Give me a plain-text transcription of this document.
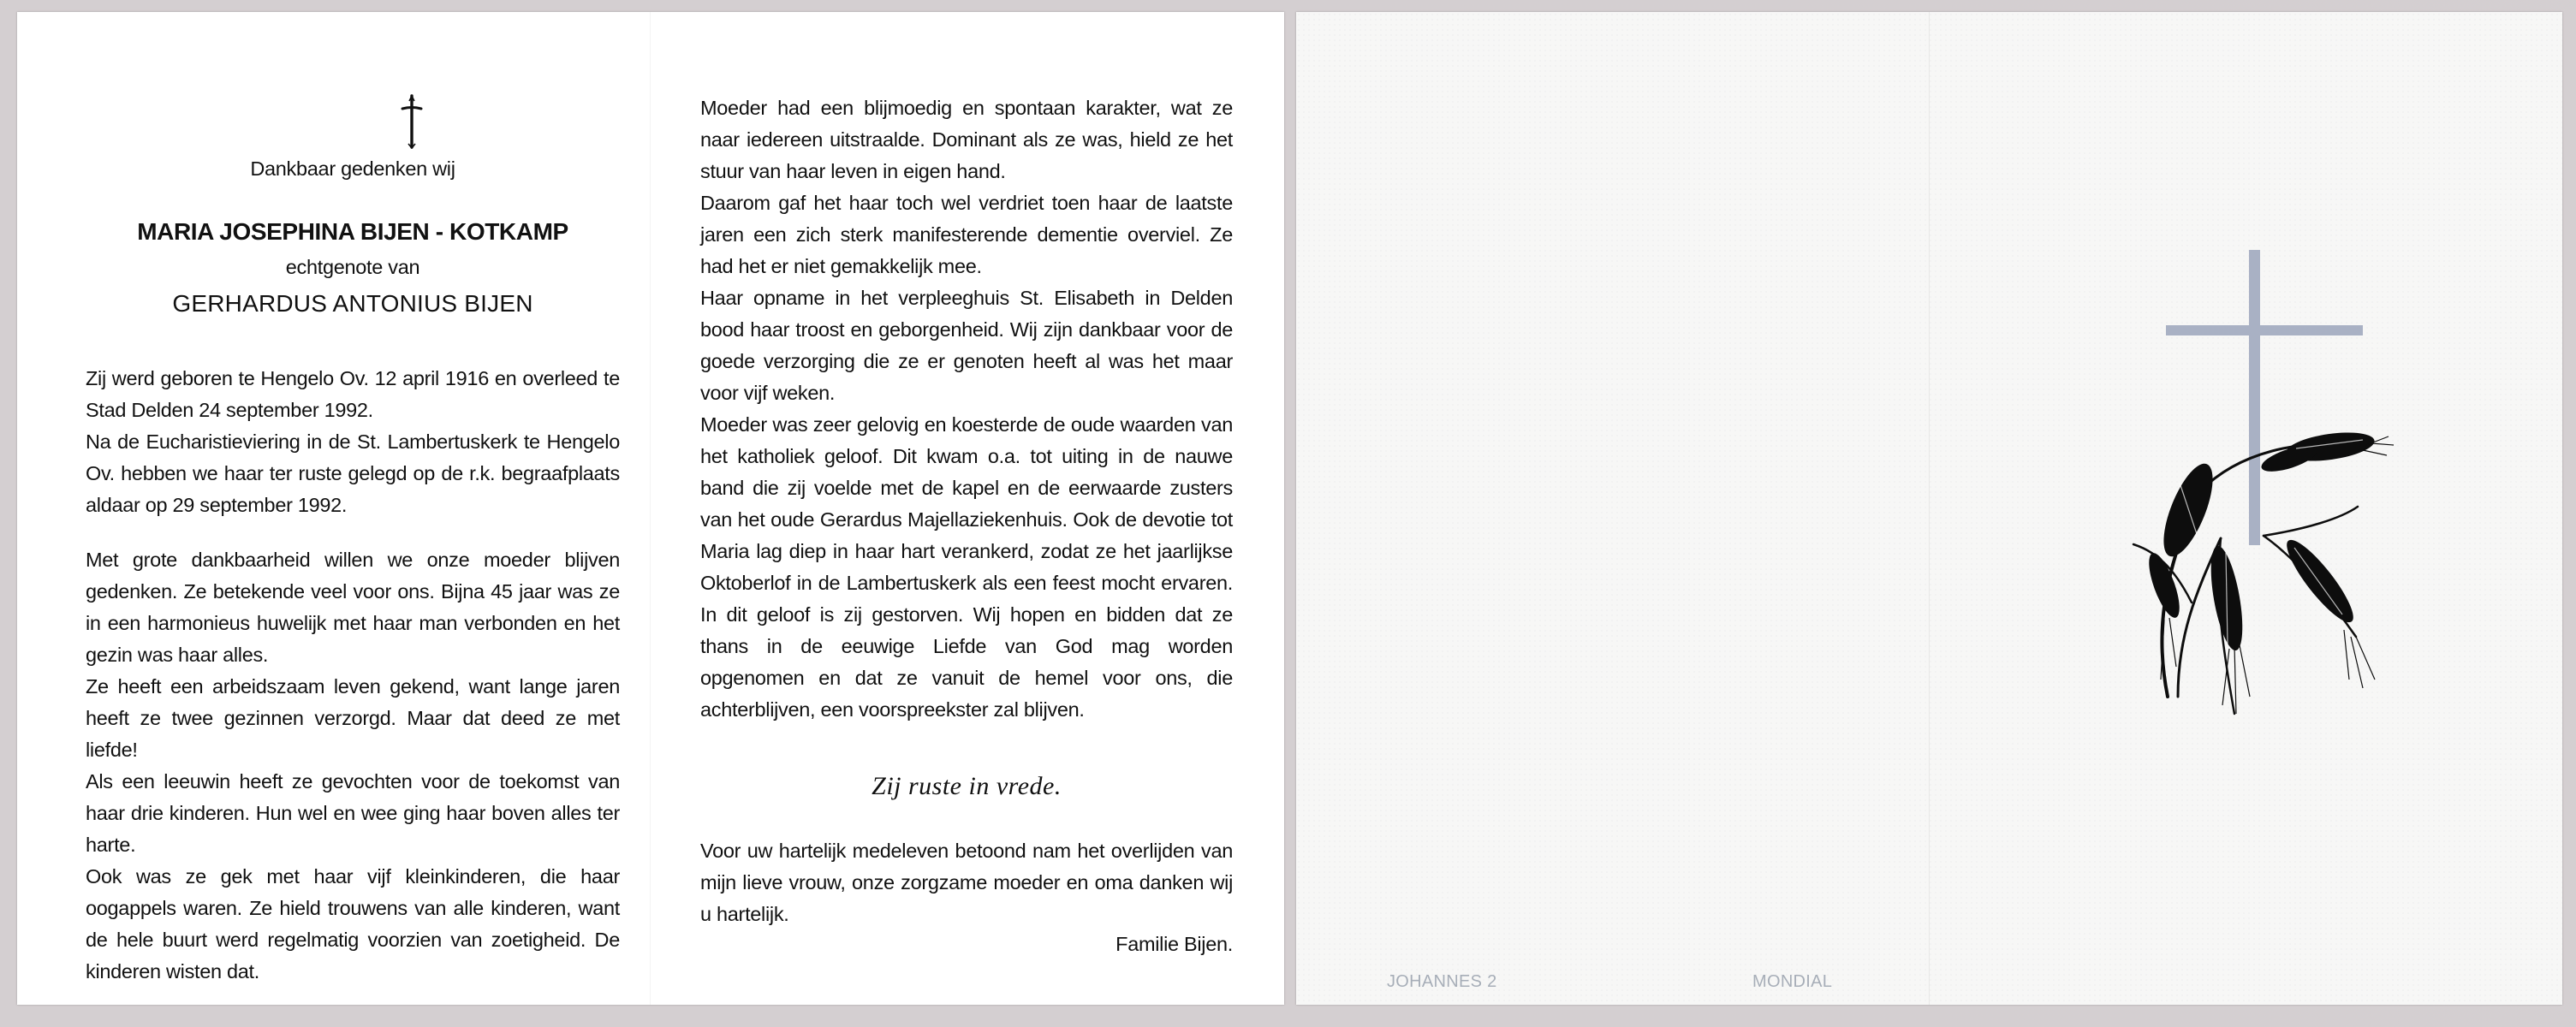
Dankbaar gedenken wij

MARIA JOSEPHINA BIJEN - KOTKAMP

echtgenote van

GERHARDUS ANTONIUS BIJEN

Zij werd geboren te Hengelo Ov. 12 april 1916 en overleed te Stad Delden 24 september 1992.

Na de Eucharistieviering in de St. Lambertuskerk te Hengelo Ov. hebben we haar ter ruste gelegd op de r.k. begraafplaats aldaar op 29 september 1992.

Met grote dankbaarheid willen we onze moeder blijven gedenken. Ze betekende veel voor ons. Bijna 45 jaar was ze in een harmonieus huwelijk met haar man verbonden en het gezin was haar alles.

Ze heeft een arbeidszaam leven gekend, want lange jaren heeft ze twee gezinnen verzorgd. Maar dat deed ze met liefde!

Als een leeuwin heeft ze gevochten voor de toekomst van haar drie kinderen. Hun wel en wee ging haar boven alles ter harte.

Ook was ze gek met haar vijf kleinkinderen, die haar oogappels waren. Ze hield trouwens van alle kinderen, want de hele buurt werd regelmatig voorzien van zoetigheid. De kinderen wisten dat.

Moeder had een blijmoedig en spontaan karakter, wat ze naar iedereen uitstraalde. Dominant als ze was, hield ze het stuur van haar leven in eigen hand.

Daarom gaf het haar toch wel verdriet toen haar de laatste jaren een zich sterk manifesterende dementie overviel. Ze had het er niet gemakkelijk mee.

Haar opname in het verpleeghuis St. Elisabeth in Delden bood haar troost en geborgenheid. Wij zijn dankbaar voor de goede verzorging die ze er genoten heeft al was het maar voor vijf weken.

Moeder was zeer gelovig en koesterde de oude waarden van het katholiek geloof. Dit kwam o.a. tot uiting in de nauwe band die zij voelde met de kapel en de eerwaarde zusters van het oude Gerardus Majellaziekenhuis. Ook de devotie tot Maria lag diep in haar hart verankerd, zodat ze het jaarlijkse Oktoberlof in de Lambertuskerk als een feest mocht ervaren. In dit geloof is zij gestorven. Wij hopen en bidden dat ze thans in de eeuwige Liefde van God mag worden opgenomen en dat ze vanuit de hemel voor ons, die achterblijven, een voorspreekster zal blijven.

Zij ruste in vrede.

Voor uw hartelijk medeleven betoond nam het overlijden van mijn lieve vrouw, onze zorgzame moeder en oma danken wij u hartelijk.

Familie Bijen.

JOHANNES 2	MONDIAL
